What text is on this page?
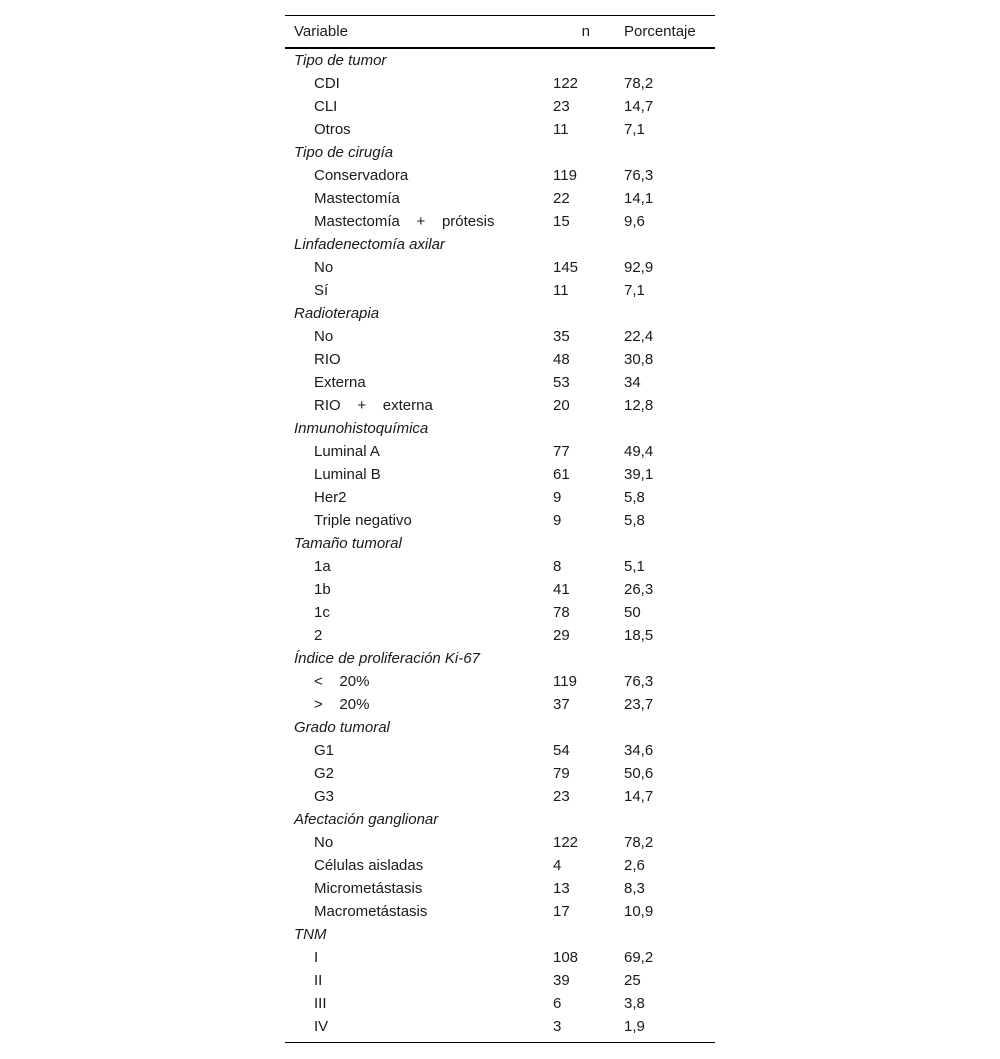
Variable	n	Porcentaje
Tipo de tumor		
CDI	122	78,2
CLI	23	14,7
Otros	11	7,1
Tipo de cirugía		
Conservadora	119	76,3
Mastectomía	22	14,1
Mastectomía    +    prótesis	15	9,6
Linfadenectomía axilar		
No	145	92,9
Sí	11	7,1
Radioterapia		
No	35	22,4
RIO	48	30,8
Externa	53	34
RIO    +    externa	20	12,8
Inmunohistoquímica		
Luminal A	77	49,4
Luminal B	61	39,1
Her2	9	5,8
Triple negativo	9	5,8
Tamaño tumoral		
1a	8	5,1
1b	41	26,3
1c	78	50
2	29	18,5
Índice de proliferación Ki-67		
<    20%	119	76,3
>    20%	37	23,7
Grado tumoral		
G1	54	34,6
G2	79	50,6
G3	23	14,7
Afectación ganglionar		
No	122	78,2
Células aisladas	4	2,6
Micrometástasis	13	8,3
Macrometástasis	17	10,9
TNM		
I	108	69,2
II	39	25
III	6	3,8
IV	3	1,9
